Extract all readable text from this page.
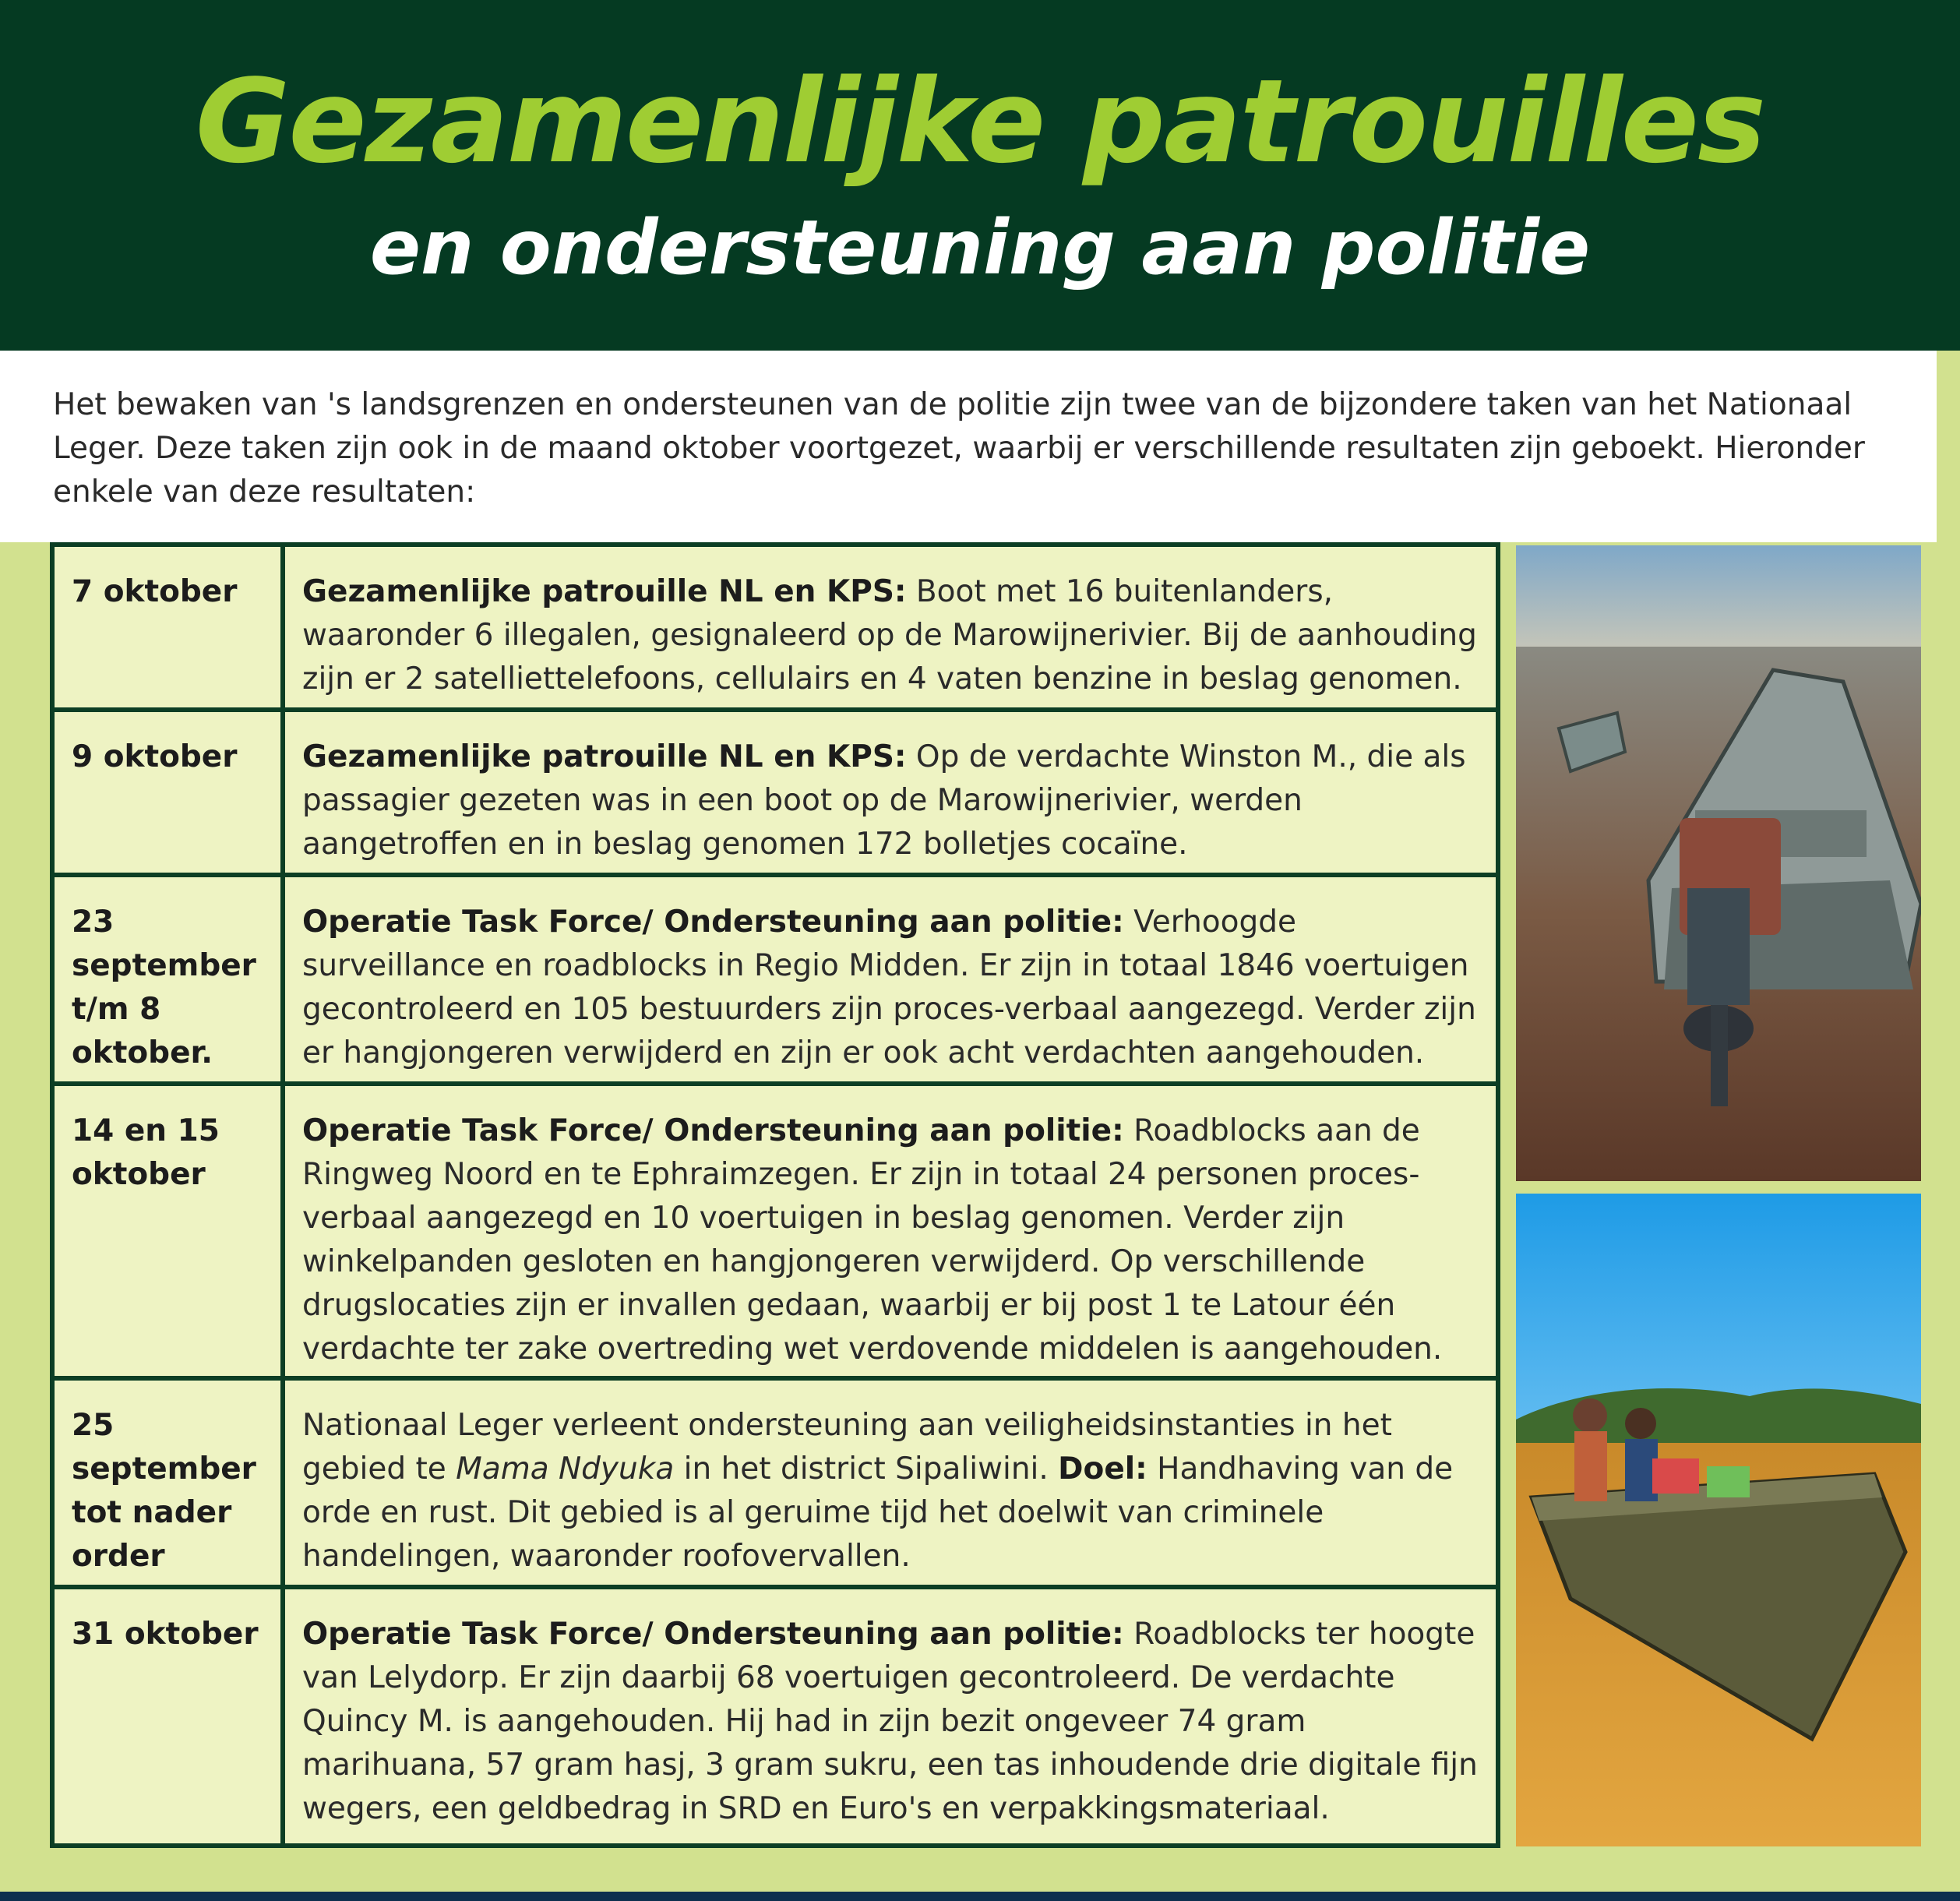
Gezamenlijke patrouilles
en ondersteuning aan politie

Het bewaken van 's landsgrenzen en ondersteunen van de politie zijn twee van de bijzondere taken van het Nationaal Leger. Deze taken zijn ook in de maand oktober voortgezet, waarbij er verschillende resultaten zijn geboekt. Hieronder enkele van deze resultaten:

7 oktober	Gezamenlijke patrouille NL en KPS: Boot met 16 buitenlanders, waaronder 6 illegalen, gesignaleerd op de Marowijnerivier. Bij de aanhouding zijn er 2 satelliettelefoons, cellulairs en 4 vaten benzine in beslag genomen.
9 oktober	Gezamenlijke patrouille NL en KPS: Op de verdachte Winston M., die als passagier gezeten was in een boot op de Marowijnerivier, werden aangetroffen en in beslag genomen 172 bolletjes cocaïne.
23 september t/m 8 oktober.	Operatie Task Force/ Ondersteuning aan politie: Verhoogde surveillance en roadblocks in Regio Midden. Er zijn in totaal 1846 voertuigen gecontroleerd en 105 bestuurders zijn proces-verbaal aangezegd. Verder zijn er hangjongeren verwijderd en zijn er ook acht verdachten aangehouden.
14 en 15 oktober	Operatie Task Force/ Ondersteuning aan politie: Roadblocks aan de Ringweg Noord en te Ephraimzegen. Er zijn in totaal 24 personen proces-verbaal aangezegd en 10 voertuigen in beslag genomen. Verder zijn winkelpanden gesloten en hangjongeren verwijderd. Op verschillende drugslocaties zijn er invallen gedaan, waarbij er bij post 1 te Latour één verdachte ter zake overtreding wet verdovende middelen is aangehouden.
25 september tot nader order	Nationaal Leger verleent ondersteuning aan veiligheidsinstanties in het gebied te Mama Ndyuka in het district Sipaliwini. Doel: Handhaving van de orde en rust. Dit gebied is al geruime tijd het doelwit van criminele handelingen, waaronder roofovervallen.
31 oktober	Operatie Task Force/ Ondersteuning aan politie: Roadblocks ter hoogte van Lelydorp. Er zijn daarbij 68 voertuigen gecontroleerd. De verdachte Quincy M. is aangehouden. Hij had in zijn bezit ongeveer 74 gram marihuana, 57 gram hasj, 3 gram sukru, een tas inhoudende drie digitale fijn wegers, een geldbedrag in SRD en Euro's en verpakkingsmateriaal.
